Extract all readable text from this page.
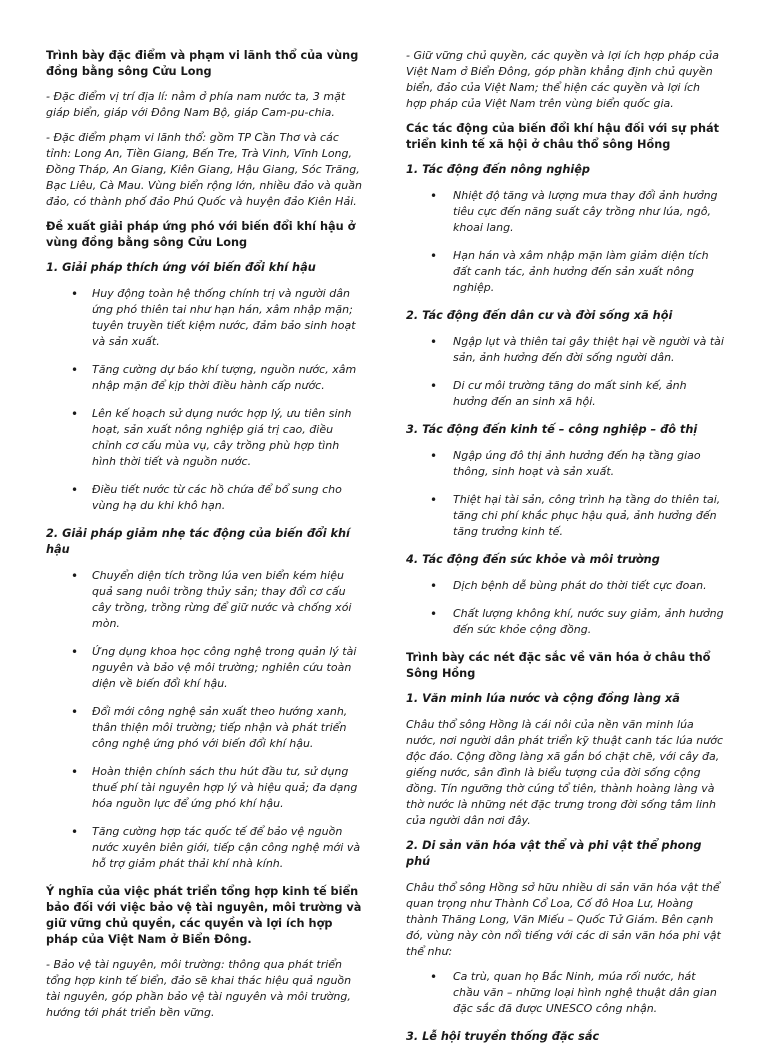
Trình bày đặc điểm và phạm vi lãnh thổ của vùng đồng bằng sông Cửu Long
- Đặc điểm vị trí địa lí: nằm ở phía nam nước ta, 3 mặt giáp biển, giáp với Đông Nam Bộ, giáp Cam-pu-chia.
- Đặc điểm phạm vi lãnh thổ: gồm TP Cần Thơ và các tỉnh: Long An, Tiền Giang, Bến Tre, Trà Vinh, Vĩnh Long, Đồng Tháp, An Giang, Kiên Giang, Hậu Giang, Sóc Trăng, Bạc Liêu, Cà Mau. Vùng biển rộng lớn, nhiều đảo và quần đảo, có thành phố đảo Phú Quốc và huyện đảo Kiên Hải.
Đề xuất giải pháp ứng phó với biến đổi khí hậu ở vùng đồng bằng sông Cửu Long
1. Giải pháp thích ứng với biến đổi khí hậu
• Huy động toàn hệ thống chính trị và người dân ứng phó thiên tai như hạn hán, xâm nhập mặn; tuyên truyền tiết kiệm nước, đảm bảo sinh hoạt và sản xuất.
• Tăng cường dự báo khí tượng, nguồn nước, xâm nhập mặn để kịp thời điều hành cấp nước.
• Lên kế hoạch sử dụng nước hợp lý, ưu tiên sinh hoạt, sản xuất nông nghiệp giá trị cao, điều chỉnh cơ cấu mùa vụ, cây trồng phù hợp tình hình thời tiết và nguồn nước.
• Điều tiết nước từ các hồ chứa để bổ sung cho vùng hạ du khi khô hạn.
2. Giải pháp giảm nhẹ tác động của biến đổi khí hậu
• Chuyển diện tích trồng lúa ven biển kém hiệu quả sang nuôi trồng thủy sản; thay đổi cơ cấu cây trồng, trồng rừng để giữ nước và chống xói mòn.
• Ứng dụng khoa học công nghệ trong quản lý tài nguyên và bảo vệ môi trường; nghiên cứu toàn diện về biến đổi khí hậu.
• Đổi mới công nghệ sản xuất theo hướng xanh, thân thiện môi trường; tiếp nhận và phát triển công nghệ ứng phó với biến đổi khí hậu.
• Hoàn thiện chính sách thu hút đầu tư, sử dụng thuế phí tài nguyên hợp lý và hiệu quả; đa dạng hóa nguồn lực để ứng phó khí hậu.
• Tăng cường hợp tác quốc tế để bảo vệ nguồn nước xuyên biên giới, tiếp cận công nghệ mới và hỗ trợ giảm phát thải khí nhà kính.
Ý nghĩa của việc phát triển tổng hợp kinh tế biển bảo đối với việc bảo vệ tài nguyên, môi trường và giữ vững chủ quyền, các quyền và lợi ích hợp pháp của Việt Nam ở Biển Đông.
- Bảo vệ tài nguyên, môi trường: thông qua phát triển tổng hợp kinh tế biển, đảo sẽ khai thác hiệu quả nguồn tài nguyên, góp phần bảo vệ tài nguyên và môi trường, hướng tới phát triển bền vững.
- Giữ vững chủ quyền, các quyền và lợi ích hợp pháp của Việt Nam ở Biển Đông, góp phần khẳng định chủ quyền biển, đảo của Việt Nam; thể hiện các quyền và lợi ích hợp pháp của Việt Nam trên vùng biển quốc gia.
Các tác động của biến đổi khí hậu đối với sự phát triển kinh tế xã hội ở châu thổ sông Hồng
1. Tác động đến nông nghiệp
• Nhiệt độ tăng và lượng mưa thay đổi ảnh hưởng tiêu cực đến năng suất cây trồng như lúa, ngô, khoai lang.
• Hạn hán và xâm nhập mặn làm giảm diện tích đất canh tác, ảnh hưởng đến sản xuất nông nghiệp.
2. Tác động đến dân cư và đời sống xã hội
• Ngập lụt và thiên tai gây thiệt hại về người và tài sản, ảnh hưởng đến đời sống người dân.
• Di cư môi trường tăng do mất sinh kế, ảnh hưởng đến an sinh xã hội.
3. Tác động đến kinh tế – công nghiệp – đô thị
• Ngập úng đô thị ảnh hưởng đến hạ tầng giao thông, sinh hoạt và sản xuất.
• Thiệt hại tài sản, công trình hạ tầng do thiên tai, tăng chi phí khắc phục hậu quả, ảnh hưởng đến tăng trưởng kinh tế.
4. Tác động đến sức khỏe và môi trường
• Dịch bệnh dễ bùng phát do thời tiết cực đoan.
• Chất lượng không khí, nước suy giảm, ảnh hưởng đến sức khỏe cộng đồng.
Trình bày các nét đặc sắc về văn hóa ở châu thổ Sông Hồng
1. Văn minh lúa nước và cộng đồng làng xã
Châu thổ sông Hồng là cái nôi của nền văn minh lúa nước, nơi người dân phát triển kỹ thuật canh tác lúa nước độc đáo. Cộng đồng làng xã gắn bó chặt chẽ, với cây đa, giếng nước, sân đình là biểu tượng của đời sống cộng đồng. Tín ngưỡng thờ cúng tổ tiên, thành hoàng làng và thờ nước là những nét đặc trưng trong đời sống tâm linh của người dân nơi đây.
2. Di sản văn hóa vật thể và phi vật thể phong phú
Châu thổ sông Hồng sở hữu nhiều di sản văn hóa vật thể quan trọng như Thành Cổ Loa, Cố đô Hoa Lư, Hoàng thành Thăng Long, Văn Miếu – Quốc Tử Giám. Bên cạnh đó, vùng này còn nổi tiếng với các di sản văn hóa phi vật thể như:
• Ca trù, quan họ Bắc Ninh, múa rối nước, hát chầu văn – những loại hình nghệ thuật dân gian đặc sắc đã được UNESCO công nhận.
3. Lễ hội truyền thống đặc sắc
